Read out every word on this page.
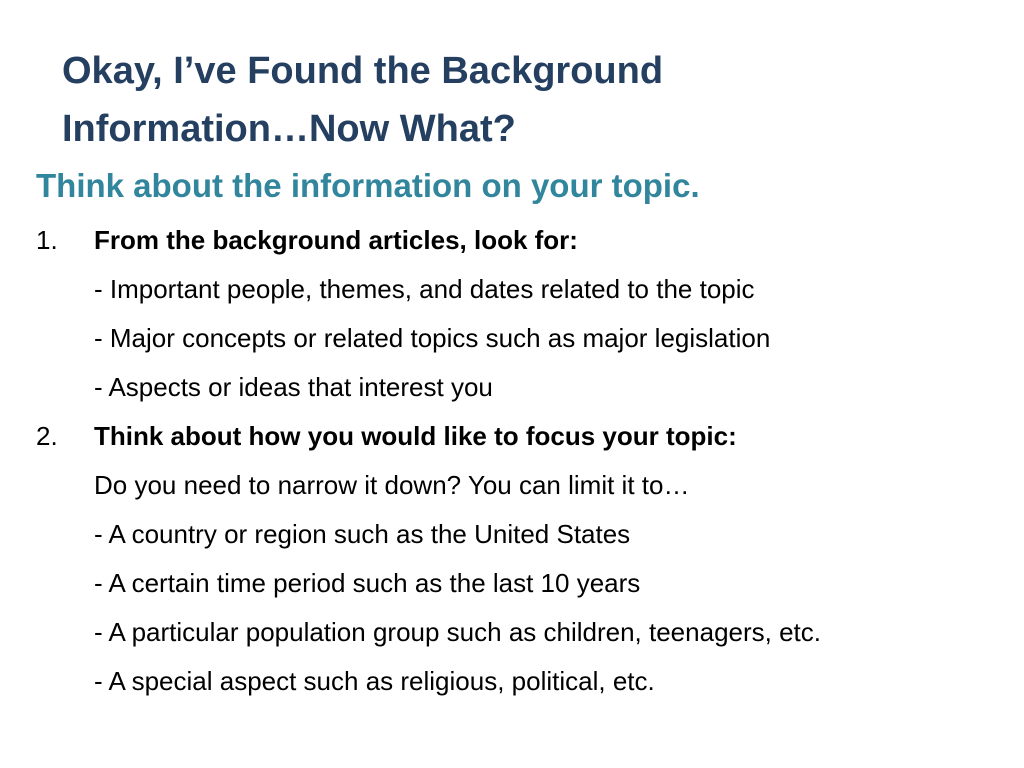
Okay, I’ve Found the Background
Information…Now What?
Think about the information on your topic.
1.	From the background articles, look for:
- Important people, themes, and dates related to the topic
- Major concepts or related topics such as major legislation
- Aspects or ideas that interest you
2.	Think about how you would like to focus your topic:
Do you need to narrow it down? You can limit it to…
- A country or region such as the United States
- A certain time period such as the last 10 years
- A particular population group such as children, teenagers, etc.
- A special aspect such as religious, political, etc.
